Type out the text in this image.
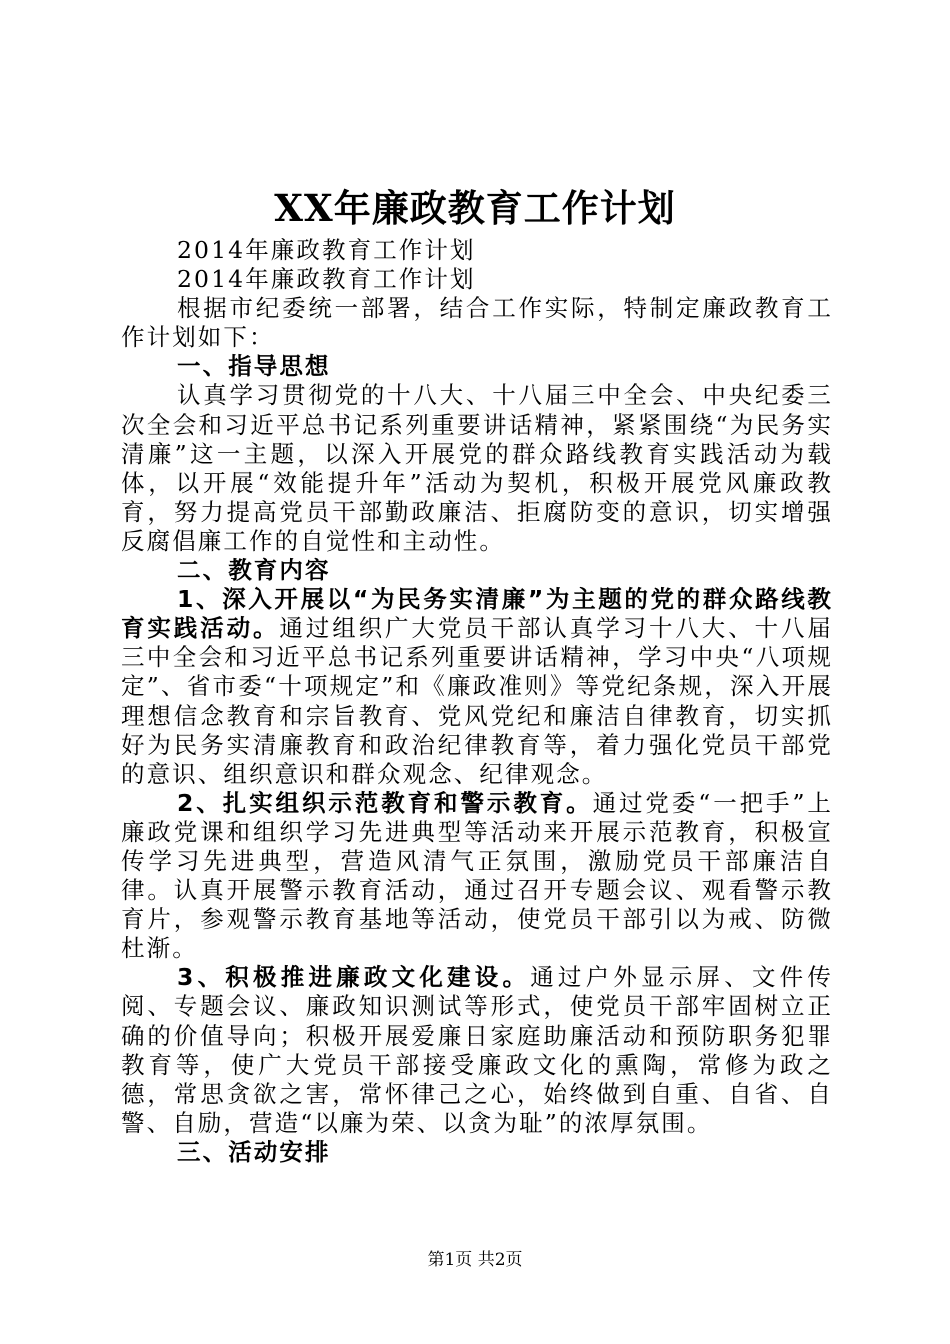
XX年廉政教育工作计划

2014年廉政教育工作计划

2014年廉政教育工作计划

根据市纪委统一部署，结合工作实际，特制定廉政教育工作计划如下：

一、指导思想

认真学习贯彻党的十八大、十八届三中全会、中央纪委三次全会和习近平总书记系列重要讲话精神，紧紧围绕“为民务实清廉”这一主题，以深入开展党的群众路线教育实践活动为载体，以开展“效能提升年”活动为契机，积极开展党风廉政教育，努力提高党员干部勤政廉洁、拒腐防变的意识，切实增强反腐倡廉工作的自觉性和主动性。

二、教育内容

1、深入开展以“为民务实清廉”为主题的党的群众路线教育实践活动。通过组织广大党员干部认真学习十八大、十八届三中全会和习近平总书记系列重要讲话精神，学习中央“八项规定”、省市委“十项规定”和《廉政准则》等党纪条规，深入开展理想信念教育和宗旨教育、党风党纪和廉洁自律教育，切实抓好为民务实清廉教育和政治纪律教育等，着力强化党员干部党的意识、组织意识和群众观念、纪律观念。

2、扎实组织示范教育和警示教育。通过党委“一把手”上廉政党课和组织学习先进典型等活动来开展示范教育，积极宣传学习先进典型，营造风清气正氛围，激励党员干部廉洁自律。认真开展警示教育活动，通过召开专题会议、观看警示教育片，参观警示教育基地等活动，使党员干部引以为戒、防微杜渐。

3、积极推进廉政文化建设。通过户外显示屏、文件传阅、专题会议、廉政知识测试等形式，使党员干部牢固树立正确的价值导向；积极开展爱廉日家庭助廉活动和预防职务犯罪教育等，使广大党员干部接受廉政文化的熏陶，常修为政之德，常思贪欲之害，常怀律己之心，始终做到自重、自省、自警、自励，营造“以廉为荣、以贪为耻”的浓厚氛围。

三、活动安排

第1页 共2页
